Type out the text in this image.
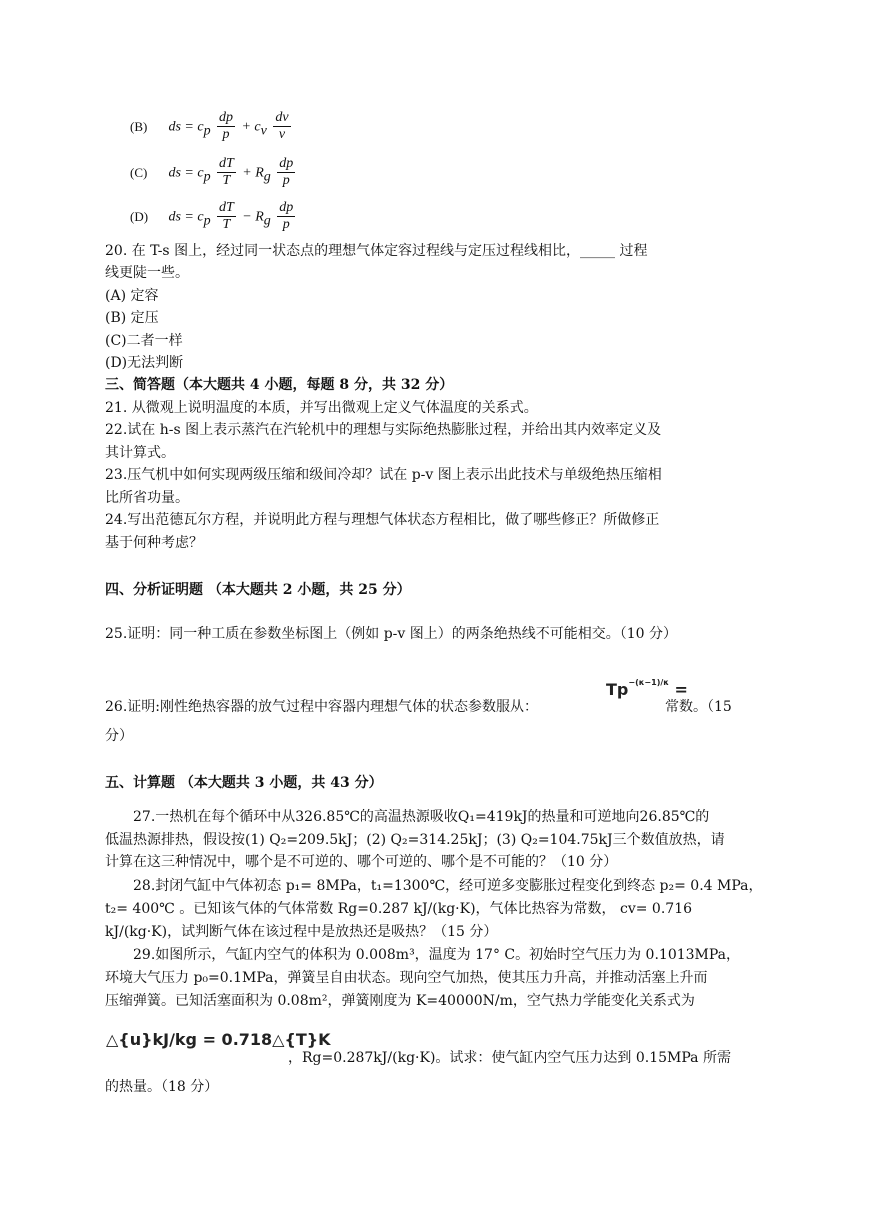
(B) ds = $c_p \frac{dp}{p} + c_v \frac{dv}{v}$
(C) ds = $c_p \frac{dT}{T} + R_g \frac{dp}{p}$
(D) ds = $c_p \frac{dT}{T} - R_g \frac{dp}{p}$
20. 在 T-s 图上，经过同一状态点的理想气体定容过程线与定压过程线相比，_____ 过程
线更陡一些。
(A) 定容
(B) 定压
(C)二者一样
(D)无法判断
三、简答题（本大题共 4 小题，每题 8 分，共 32 分）
21. 从微观上说明温度的本质，并写出微观上定义气体温度的关系式。
22.试在 h-s 图上表示蒸汽在汽轮机中的理想与实际绝热膨胀过程，并给出其内效率定义及
其计算式。
23.压气机中如何实现两级压缩和级间冷却？试在 p-v 图上表示出此技术与单级绝热压缩相
比所省功量。
24.写出范德瓦尔方程，并说明此方程与理想气体状态方程相比，做了哪些修正？所做修正
基于何种考虑？
四、分析证明题 （本大题共 2 小题，共 25 分）
25.证明：同一种工质在参数坐标图上（例如 p-v 图上）的两条绝热线不可能相交。（10 分）
26.证明:刚性绝热容器的放气过程中容器内理想气体的状态参数服从：
$Tp^{-(\kappa-1)/\kappa}$ =
常数。（15
分）
五、计算题 （本大题共 3 小题，共 43 分）
27.一热机在每个循环中从326.85℃的高温热源吸收Q₁=419kJ的热量和可逆地向26.85℃的
低温热源排热，假设按(1) Q₂=209.5kJ；(2) Q₂=314.25kJ；(3) Q₂=104.75kJ三个数值放热，请
计算在这三种情况中，哪个是不可逆的、哪个可逆的、哪个是不可能的？（10 分）
28.封闭气缸中气体初态 p₁= 8MPa，t₁=1300℃，经可逆多变膨胀过程变化到终态 p₂= 0.4 MPa，
t₂= 400℃ 。已知该气体的气体常数 Rg=0.287 kJ/(kg·K)，气体比热容为常数， cv= 0.716
kJ/(kg·K)，试判断气体在该过程中是放热还是吸热？（15 分）
29.如图所示，气缸内空气的体积为 0.008m³，温度为 17° C。初始时空气压力为 0.1013MPa，
环境大气压力 p₀=0.1MPa，弹簧呈自由状态。现向空气加热，使其压力升高，并推动活塞上升而
压缩弹簧。已知活塞面积为 0.08m²，弹簧刚度为 K=40000N/m，空气热力学能变化关系式为
△{u}kJ/kg = 0.718△{T}K
，Rg=0.287kJ/(kg·K)。试求：使气缸内空气压力达到 0.15MPa 所需
的热量。（18 分）
